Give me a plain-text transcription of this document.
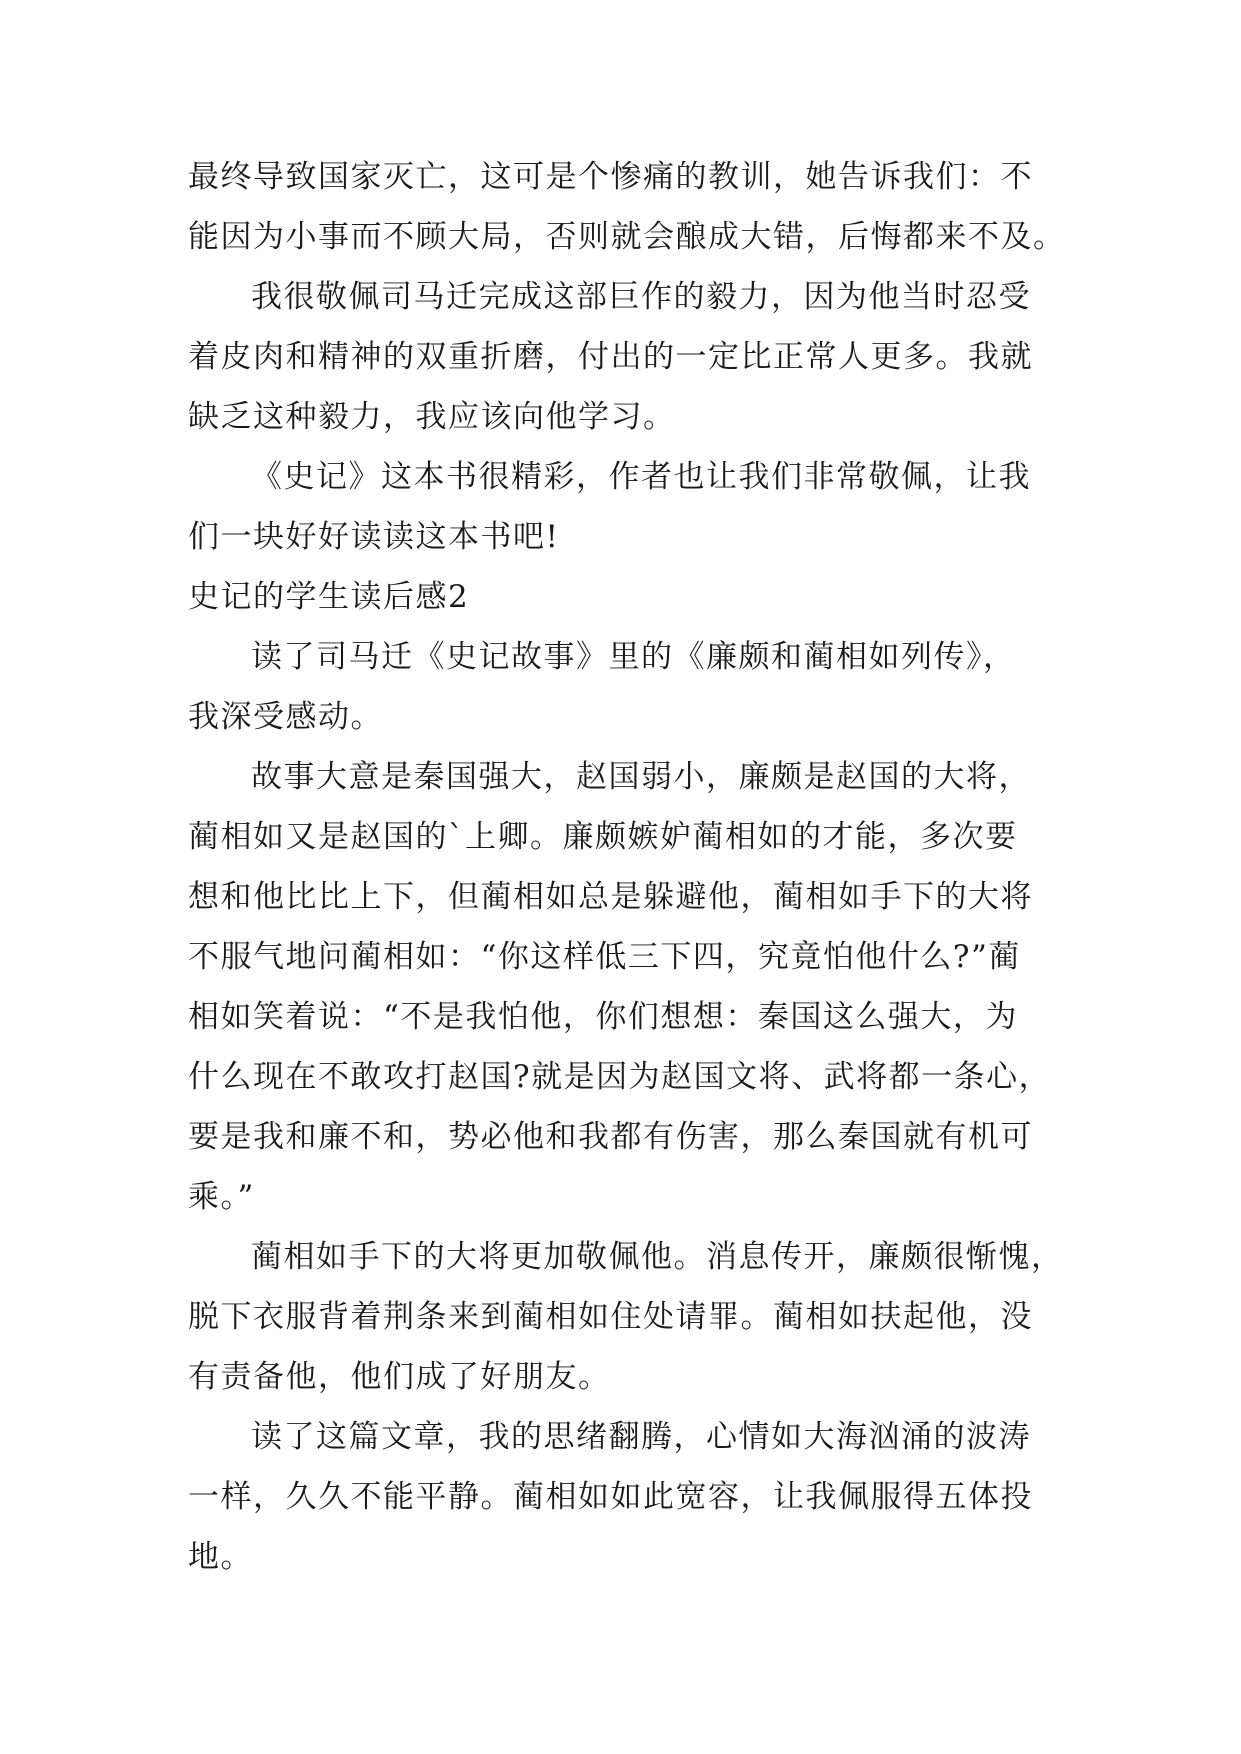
最终导致国家灭亡，这可是个惨痛的教训，她告诉我们：不
能因为小事而不顾大局，否则就会酿成大错，后悔都来不及。
我很敬佩司马迁完成这部巨作的毅力，因为他当时忍受
着皮肉和精神的双重折磨，付出的一定比正常人更多。我就
缺乏这种毅力，我应该向他学习。
《史记》这本书很精彩，作者也让我们非常敬佩，让我
们一块好好读读这本书吧!
史记的学生读后感2
读了司马迁《史记故事》里的《廉颇和蔺相如列传》，
我深受感动。
故事大意是秦国强大，赵国弱小，廉颇是赵国的大将，
蔺相如又是赵国的`上卿。廉颇嫉妒蔺相如的才能，多次要
想和他比比上下，但蔺相如总是躲避他，蔺相如手下的大将
不服气地问蔺相如：“你这样低三下四，究竟怕他什么?”蔺
相如笑着说：“不是我怕他，你们想想：秦国这么强大，为
什么现在不敢攻打赵国?就是因为赵国文将、武将都一条心，
要是我和廉不和，势必他和我都有伤害，那么秦国就有机可
乘。”
蔺相如手下的大将更加敬佩他。消息传开，廉颇很惭愧，
脱下衣服背着荆条来到蔺相如住处请罪。蔺相如扶起他，没
有责备他，他们成了好朋友。
读了这篇文章，我的思绪翻腾，心情如大海汹涌的波涛
一样，久久不能平静。蔺相如如此宽容，让我佩服得五体投
地。
